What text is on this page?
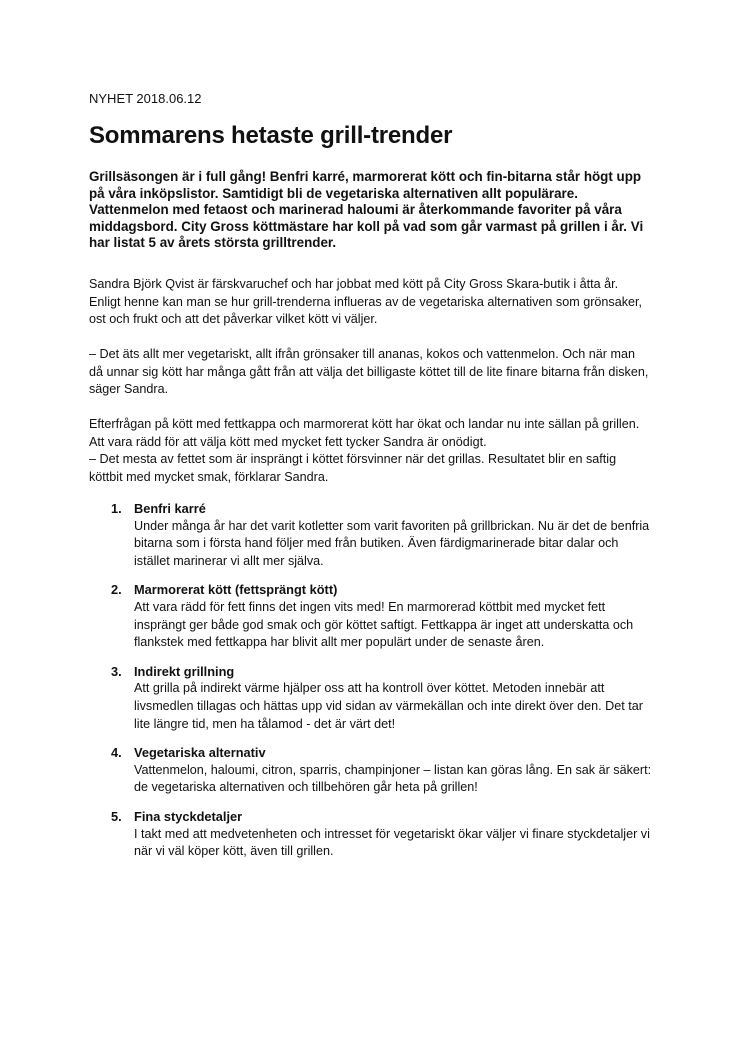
NYHET 2018.06.12
Sommarens hetaste grill-trender

Grillsäsongen är i full gång! Benfri karré, marmorerat kött och fin-bitarna står högt upp på våra inköpslistor. Samtidigt bli de vegetariska alternativen allt populärare. Vattenmelon med fetaost och marinerad haloumi är återkommande favoriter på våra middagsbord. City Gross köttmästare har koll på vad som går varmast på grillen i år. Vi har listat 5 av årets största grilltrender.

Sandra Björk Qvist är färskvaruchef och har jobbat med kött på City Gross Skara-butik i åtta år. Enligt henne kan man se hur grill-trenderna influeras av de vegetariska alternativen som grönsaker, ost och frukt och att det påverkar vilket kött vi väljer.

– Det äts allt mer vegetariskt, allt ifrån grönsaker till ananas, kokos och vattenmelon. Och när man då unnar sig kött har många gått från att välja det billigaste köttet till de lite finare bitarna från disken, säger Sandra.

Efterfrågan på kött med fettkappa och marmorerat kött har ökat och landar nu inte sällan på grillen. Att vara rädd för att välja kött med mycket fett tycker Sandra är onödigt.

– Det mesta av fettet som är insprängt i köttet försvinner när det grillas. Resultatet blir en saftig köttbit med mycket smak, förklarar Sandra.

1. Benfri karré
Under många år har det varit kotletter som varit favoriten på grillbrickan. Nu är det de benfria bitarna som i första hand följer med från butiken. Även färdigmarinerade bitar dalar och istället marinerar vi allt mer själva.
2. Marmorerat kött (fettsprängt kött)
Att vara rädd för fett finns det ingen vits med! En marmorerad köttbit med mycket fett insprängt ger både god smak och gör köttet saftigt. Fettkappa är inget att underskatta och flankstek med fettkappa har blivit allt mer populärt under de senaste åren.
3. Indirekt grillning
Att grilla på indirekt värme hjälper oss att ha kontroll över köttet. Metoden innebär att livsmedlen tillagas och hättas upp vid sidan av värmekällan och inte direkt över den. Det tar lite längre tid, men ha tålamod - det är värt det!
4. Vegetariska alternativ
Vattenmelon, haloumi, citron, sparris, champinjoner – listan kan göras lång. En sak är säkert: de vegetariska alternativen och tillbehören går heta på grillen!
5. Fina styckdetaljer
I takt med att medvetenheten och intresset för vegetariskt ökar väljer vi finare styckdetaljer vi när vi väl köper kött, även till grillen.
